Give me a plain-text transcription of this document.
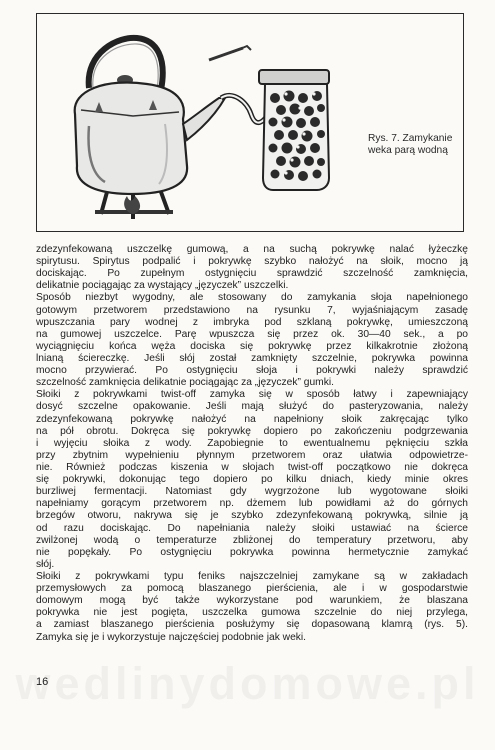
Rys. 7. Zamykanie
weka parą wodną
zdezynfekowaną uszczelkę gumową, a na suchą pokrywkę nalać łyżeczkę
spirytusu. Spirytus podpalić i pokrywkę szybko nałożyć na słoik, mocno ją
dociskając. Po zupełnym ostygnięciu sprawdzić szczelność zamknięcia,
delikatnie pociągając za wystający „języczek” uszczelki.
Sposób niezbyt wygodny, ale stosowany do zamykania słoja napełnionego
gotowym przetworem przedstawiono na rysunku 7, wyjaśniającym zasadę
wpuszczania pary wodnej z imbryka pod szklaną pokrywkę, umieszczoną
na gumowej uszczelce. Parę wpuszcza się przez ok. 30—40 sek., a po
wyciągnięciu końca węża dociska się pokrywkę przez kilkakrotnie złożoną
lnianą ściereczkę. Jeśli słój został zamknięty szczelnie, pokrywka powinna
mocno przywierać. Po ostygnięciu słoja i pokrywki należy sprawdzić
szczelność zamknięcia delikatnie pociągając za „języczek” gumki.
Słoiki z pokrywkami twist-off zamyka się w sposób łatwy i zapewniający
dosyć szczelne opakowanie. Jeśli mają służyć do pasteryzowania, należy
zdezynfekowaną pokrywkę nałożyć na napełniony słoik zakręcając tylko
na pół obrotu. Dokręca się pokrywkę dopiero po zakończeniu podgrzewania
i wyjęciu słoika z wody. Zapobiegnie to ewentualnemu pęknięciu szkła
przy zbytnim wypełnieniu płynnym przetworem oraz ułatwia odpowietrze-
nie. Również podczas kiszenia w słojach twist-off początkowo nie dokręca
się pokrywki, dokonując tego dopiero po kilku dniach, kiedy minie okres
burzliwej fermentacji. Natomiast gdy wygrzożone lub wygotowane słoiki
napełniamy gorącym przetworem np. dżemem lub powidłami aż do górnych
brzegów otworu, nakrywa się je szybko zdezynfekowaną pokrywką, silnie ją
od razu dociskając. Do napełniania należy słoiki ustawiać na ścierce
zwilżonej wodą o temperaturze zbliżonej do temperatury przetworu, aby
nie popękały. Po ostygnięciu pokrywka powinna hermetycznie zamykać
słój.
Słoiki z pokrywkami typu feniks najszczelniej zamykane są w zakładach
przemysłowych za pomocą blaszanego pierścienia, ale i w gospodarstwie
domowym mogą być także wykorzystane pod warunkiem, że blaszana
pokrywka nie jest pogięta, uszczelka gumowa szczelnie do niej przylega,
a zamiast blaszanego pierścienia posłużymy się dopasowaną klamrą (rys. 5).
Zamyka się je i wykorzystuje najczęściej podobnie jak weki.
16
